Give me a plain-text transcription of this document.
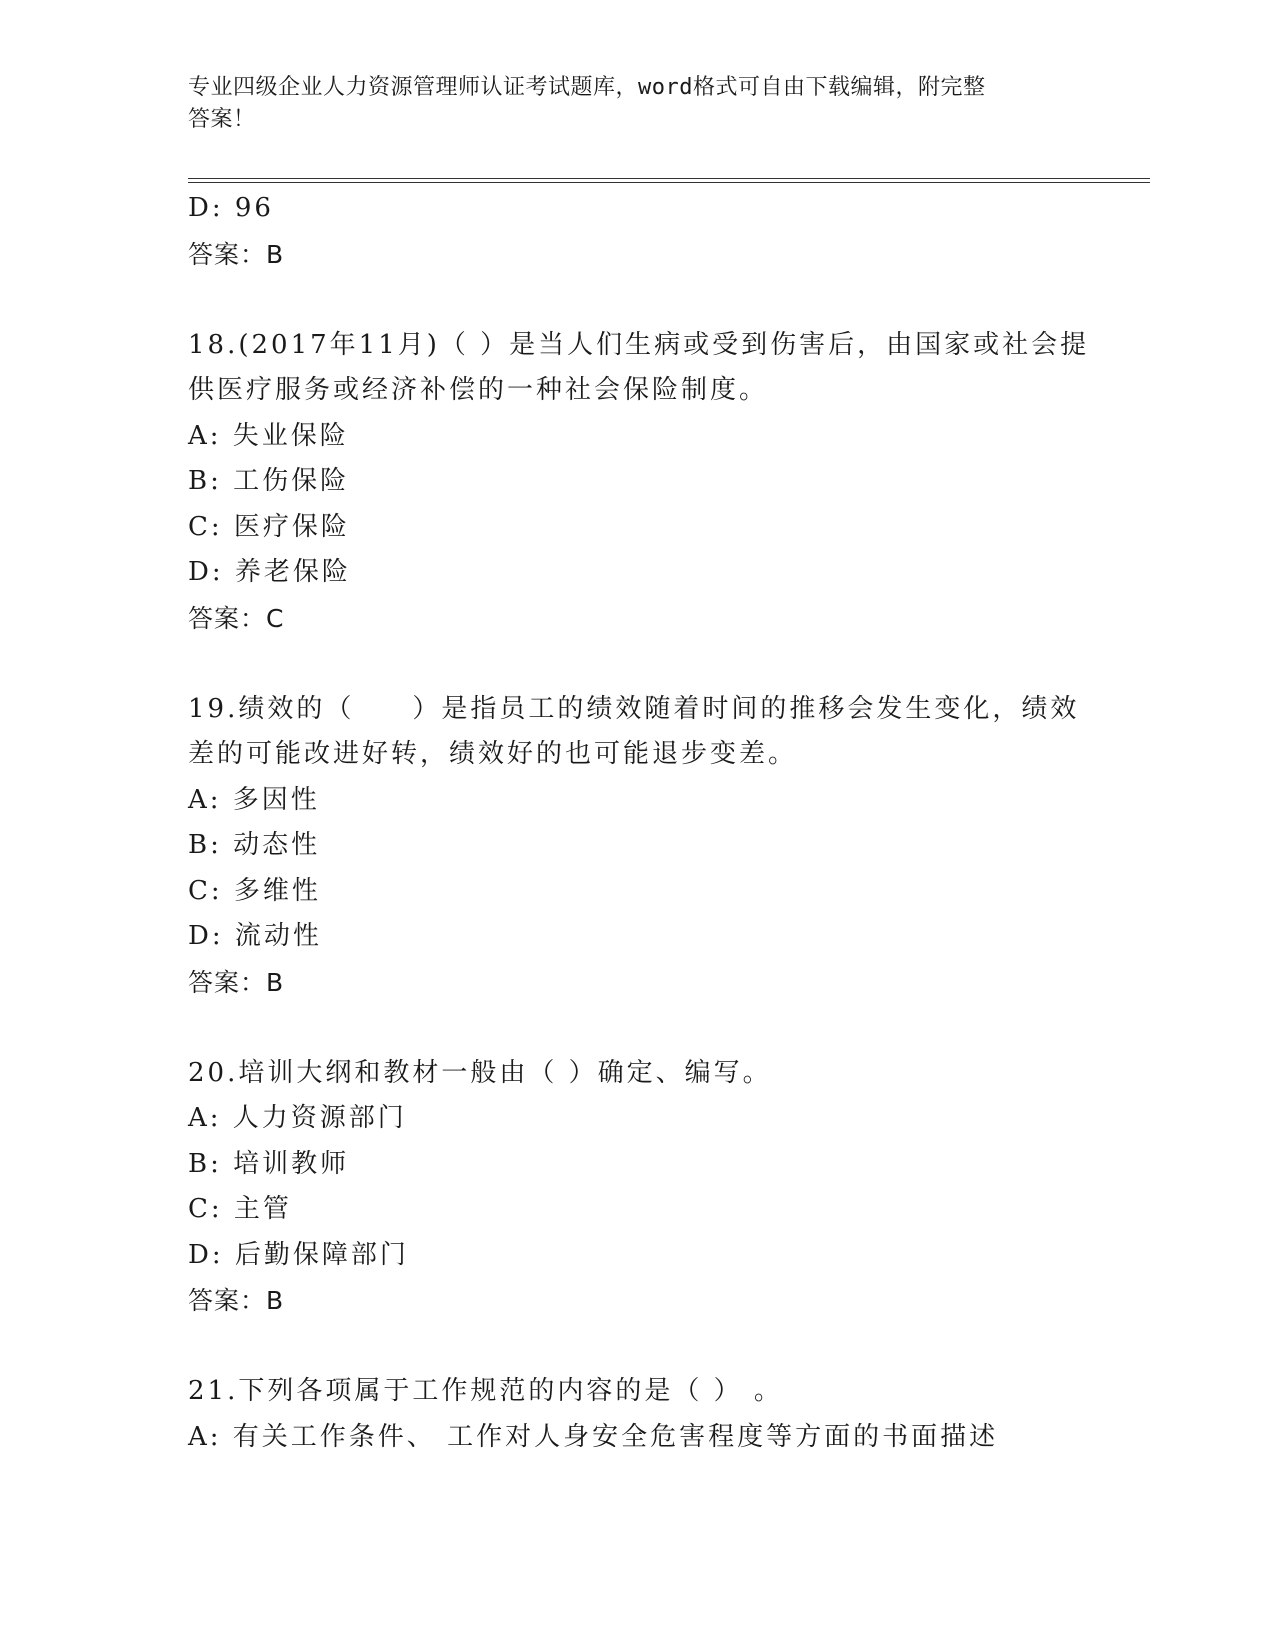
专业四级企业人力资源管理师认证考试题库，word格式可自由下载编辑，附完整
答案！
D: 96
答案：B
18.(2017年11月)（ ）是当人们生病或受到伤害后，由国家或社会提
供医疗服务或经济补偿的一种社会保险制度。
A: 失业保险
B: 工伤保险
C: 医疗保险
D: 养老保险
答案：C
19.绩效的（　　）是指员工的绩效随着时间的推移会发生变化，绩效
差的可能改进好转，绩效好的也可能退步变差。
A: 多因性
B: 动态性
C: 多维性
D: 流动性
答案：B
20.培训大纲和教材一般由（ ）确定、编写。
A: 人力资源部门
B: 培训教师
C: 主管
D: 后勤保障部门
答案：B
21.下列各项属于工作规范的内容的是（ ） 。
A: 有关工作条件、 工作对人身安全危害程度等方面的书面描述
